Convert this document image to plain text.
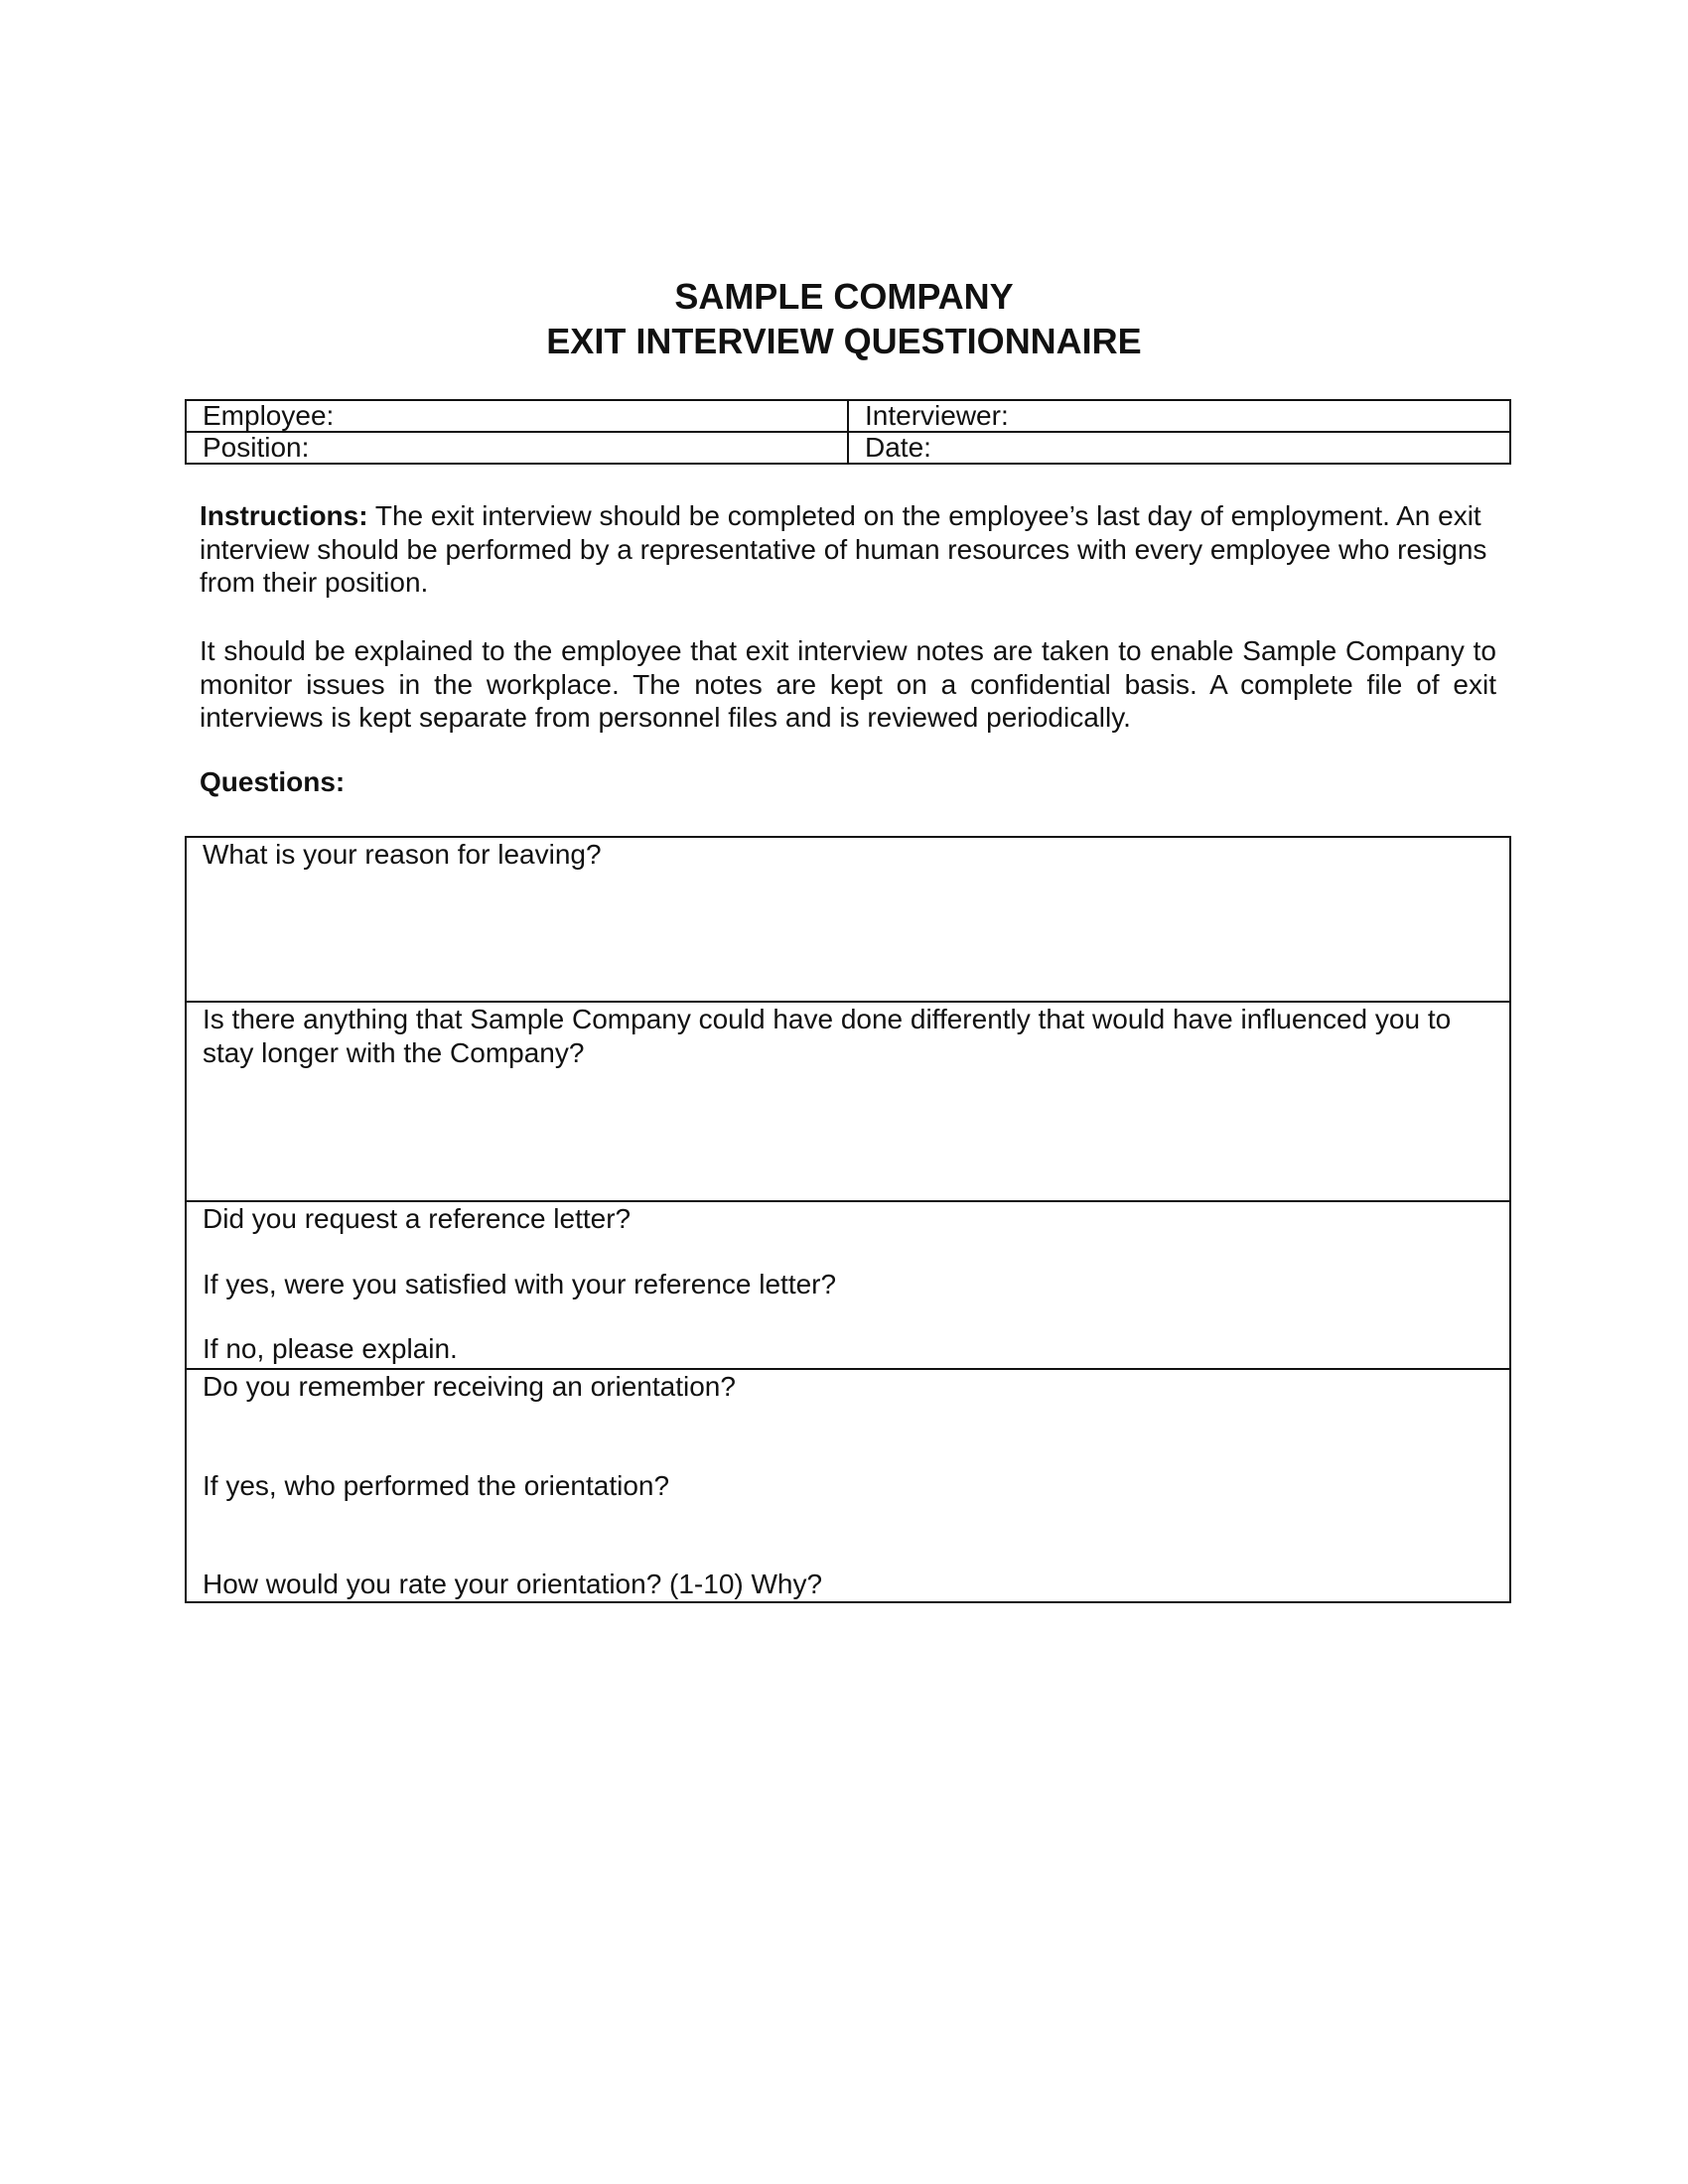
SAMPLE COMPANY
EXIT INTERVIEW QUESTIONNAIRE
Employee:	Interviewer:
Position:	Date:

Instructions: The exit interview should be completed on the employee’s last day of employment. An exit interview should be performed by a representative of human resources with every employee who resigns from their position.

It should be explained to the employee that exit interview notes are taken to enable Sample Company to monitor issues in the workplace. The notes are kept on a confidential basis. A complete file of exit interviews is kept separate from personnel files and is reviewed periodically.

Questions:

What is your reason for leaving?

Is there anything that Sample Company could have done differently that would have influenced you to stay longer with the Company?

Did you request a reference letter?

If yes, were you satisfied with your reference letter?

If no, please explain.

Do you remember receiving an orientation?

If yes, who performed the orientation?

How would you rate your orientation? (1-10) Why?
